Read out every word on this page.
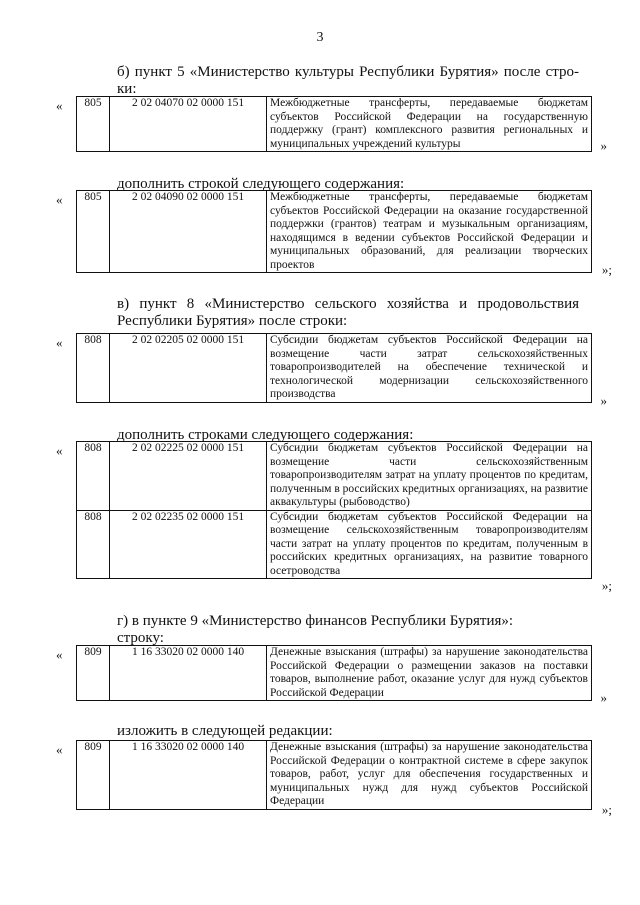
3
б) пункт 5 «Министерство культуры Республики Бурятия» после стро-ки:
« 805	2 02 04070 02 0000 151	Межбюджетные трансферты, передаваемые бюджетам субъектов Российской Федерации на государственную поддержку (грант) комплексного развития региональных и муниципальных учреждений культуры	»
дополнить строкой следующего содержания:
« 805	2 02 04090 02 0000 151	Межбюджетные трансферты, передаваемые бюджетам субъектов Российской Федерации на оказание государственной поддержки (грантов) театрам и музыкальным организациям, находящимся в ведении субъектов Российской Федерации и муниципальных образований, для реализации творческих проектов	»;
в) пункт 8 «Министерство сельского хозяйства и продовольствия Республики Бурятия» после строки:
« 808	2 02 02205 02 0000 151	Субсидии бюджетам субъектов Российской Федерации на возмещение части затрат сельскохозяйственных товаропроизводителей на обеспечение технической и технологической модернизации сельскохозяйственного производства	»
дополнить строками следующего содержания:
« 808	2 02 02225 02 0000 151	Субсидии бюджетам субъектов Российской Федерации на возмещение части сельскохозяйственным товаропроизводителям затрат на уплату процентов по кредитам, полученным в российских кредитных организациях, на развитие аквакультуры (рыбоводство)
808	2 02 02235 02 0000 151	Субсидии бюджетам субъектов Российской Федерации на возмещение сельскохозяйственным товаропроизводителям части затрат на уплату процентов по кредитам, полученным в российских кредитных организациях, на развитие товарного осетроводства
»;
г) в пункте 9 «Министерство финансов Республики Бурятия»:
строку:
« 809	1 16 33020 02 0000 140	Денежные взыскания (штрафы) за нарушение законодательства Российской Федерации о размещении заказов на поставки товаров, выполнение работ, оказание услуг для нужд субъектов Российской Федерации	»
изложить в следующей редакции:
« 809	1 16 33020 02 0000 140	Денежные взыскания (штрафы) за нарушение законодательства Российской Федерации о контрактной системе в сфере закупок товаров, работ, услуг для обеспечения государственных и муниципальных нужд для нужд субъектов Российской Федерации
»;
